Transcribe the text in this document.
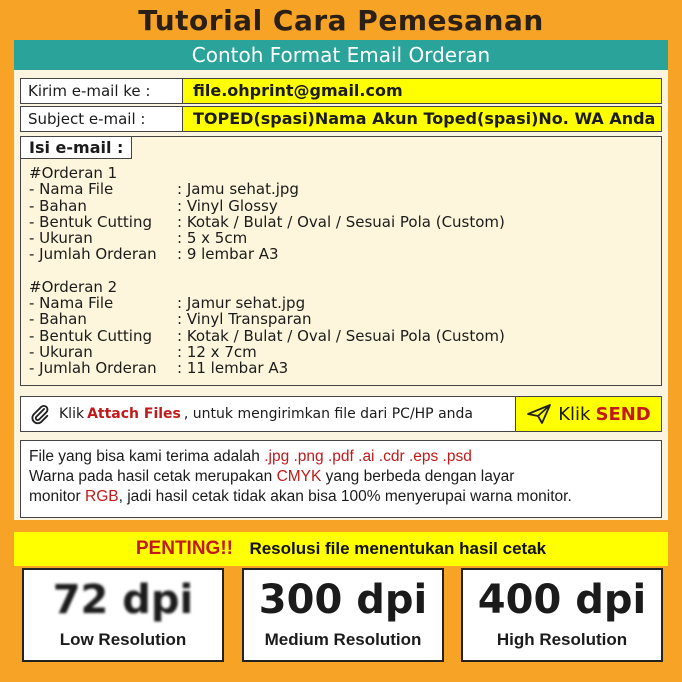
Tutorial Cara Pemesanan
Contoh Format Email Orderan
Kirim e-mail ke :	file.ohprint@gmail.com
Subject e-mail :	TOPED(spasi)Nama Akun Toped(spasi)No. WA Anda
Isi e-mail :
#Orderan 1
- Nama File	: Jamu sehat.jpg
- Bahan	: Vinyl Glossy
- Bentuk Cutting	: Kotak / Bulat / Oval / Sesuai Pola (Custom)
- Ukuran	: 5 x 5cm
- Jumlah Orderan	: 9 lembar A3
#Orderan 2
- Nama File	: Jamur sehat.jpg
- Bahan	: Vinyl Transparan
- Bentuk Cutting	: Kotak / Bulat / Oval / Sesuai Pola (Custom)
- Ukuran	: 12 x 7cm
- Jumlah Orderan	: 11 lembar A3
Klik Attach Files , untuk mengirimkan file dari PC/HP anda	Klik SEND
File yang bisa kami terima adalah .jpg .png .pdf .ai .cdr .eps .psd
Warna pada hasil cetak merupakan CMYK yang berbeda dengan layar
monitor RGB, jadi hasil cetak tidak akan bisa 100% menyerupai warna monitor.
PENTING!! Resolusi file menentukan hasil cetak
72 dpi
Low Resolution
300 dpi
Medium Resolution
400 dpi
High Resolution
